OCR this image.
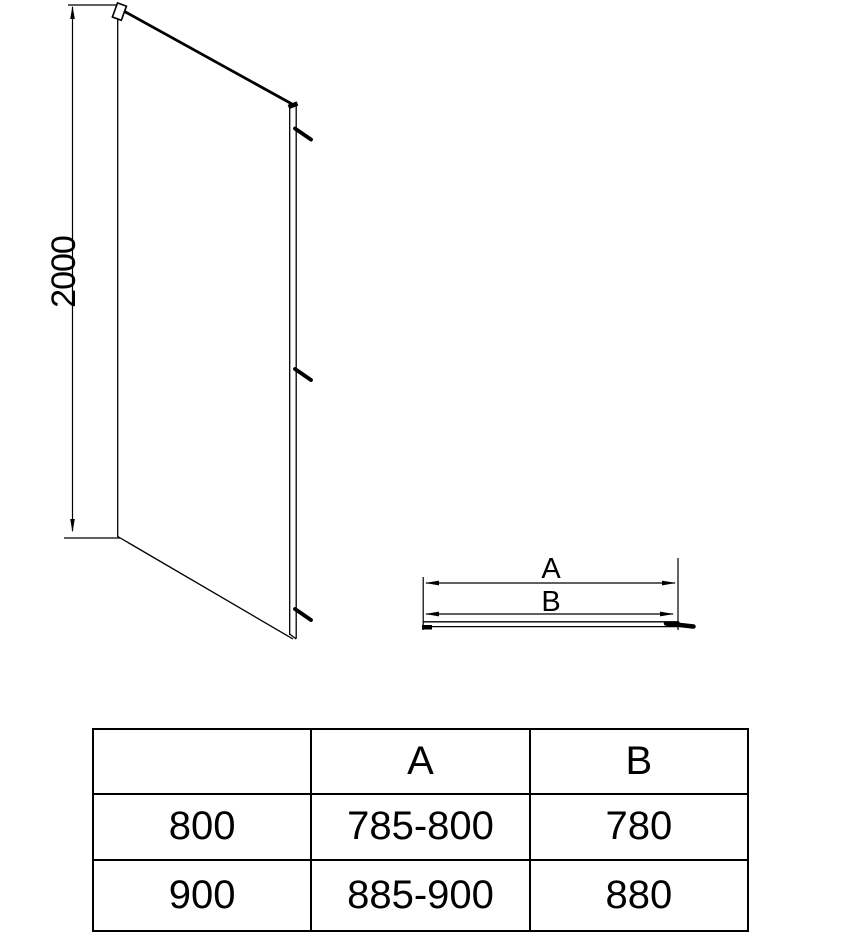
2000
A
B
	A	B
800	785-800	780
900	885-900	880
